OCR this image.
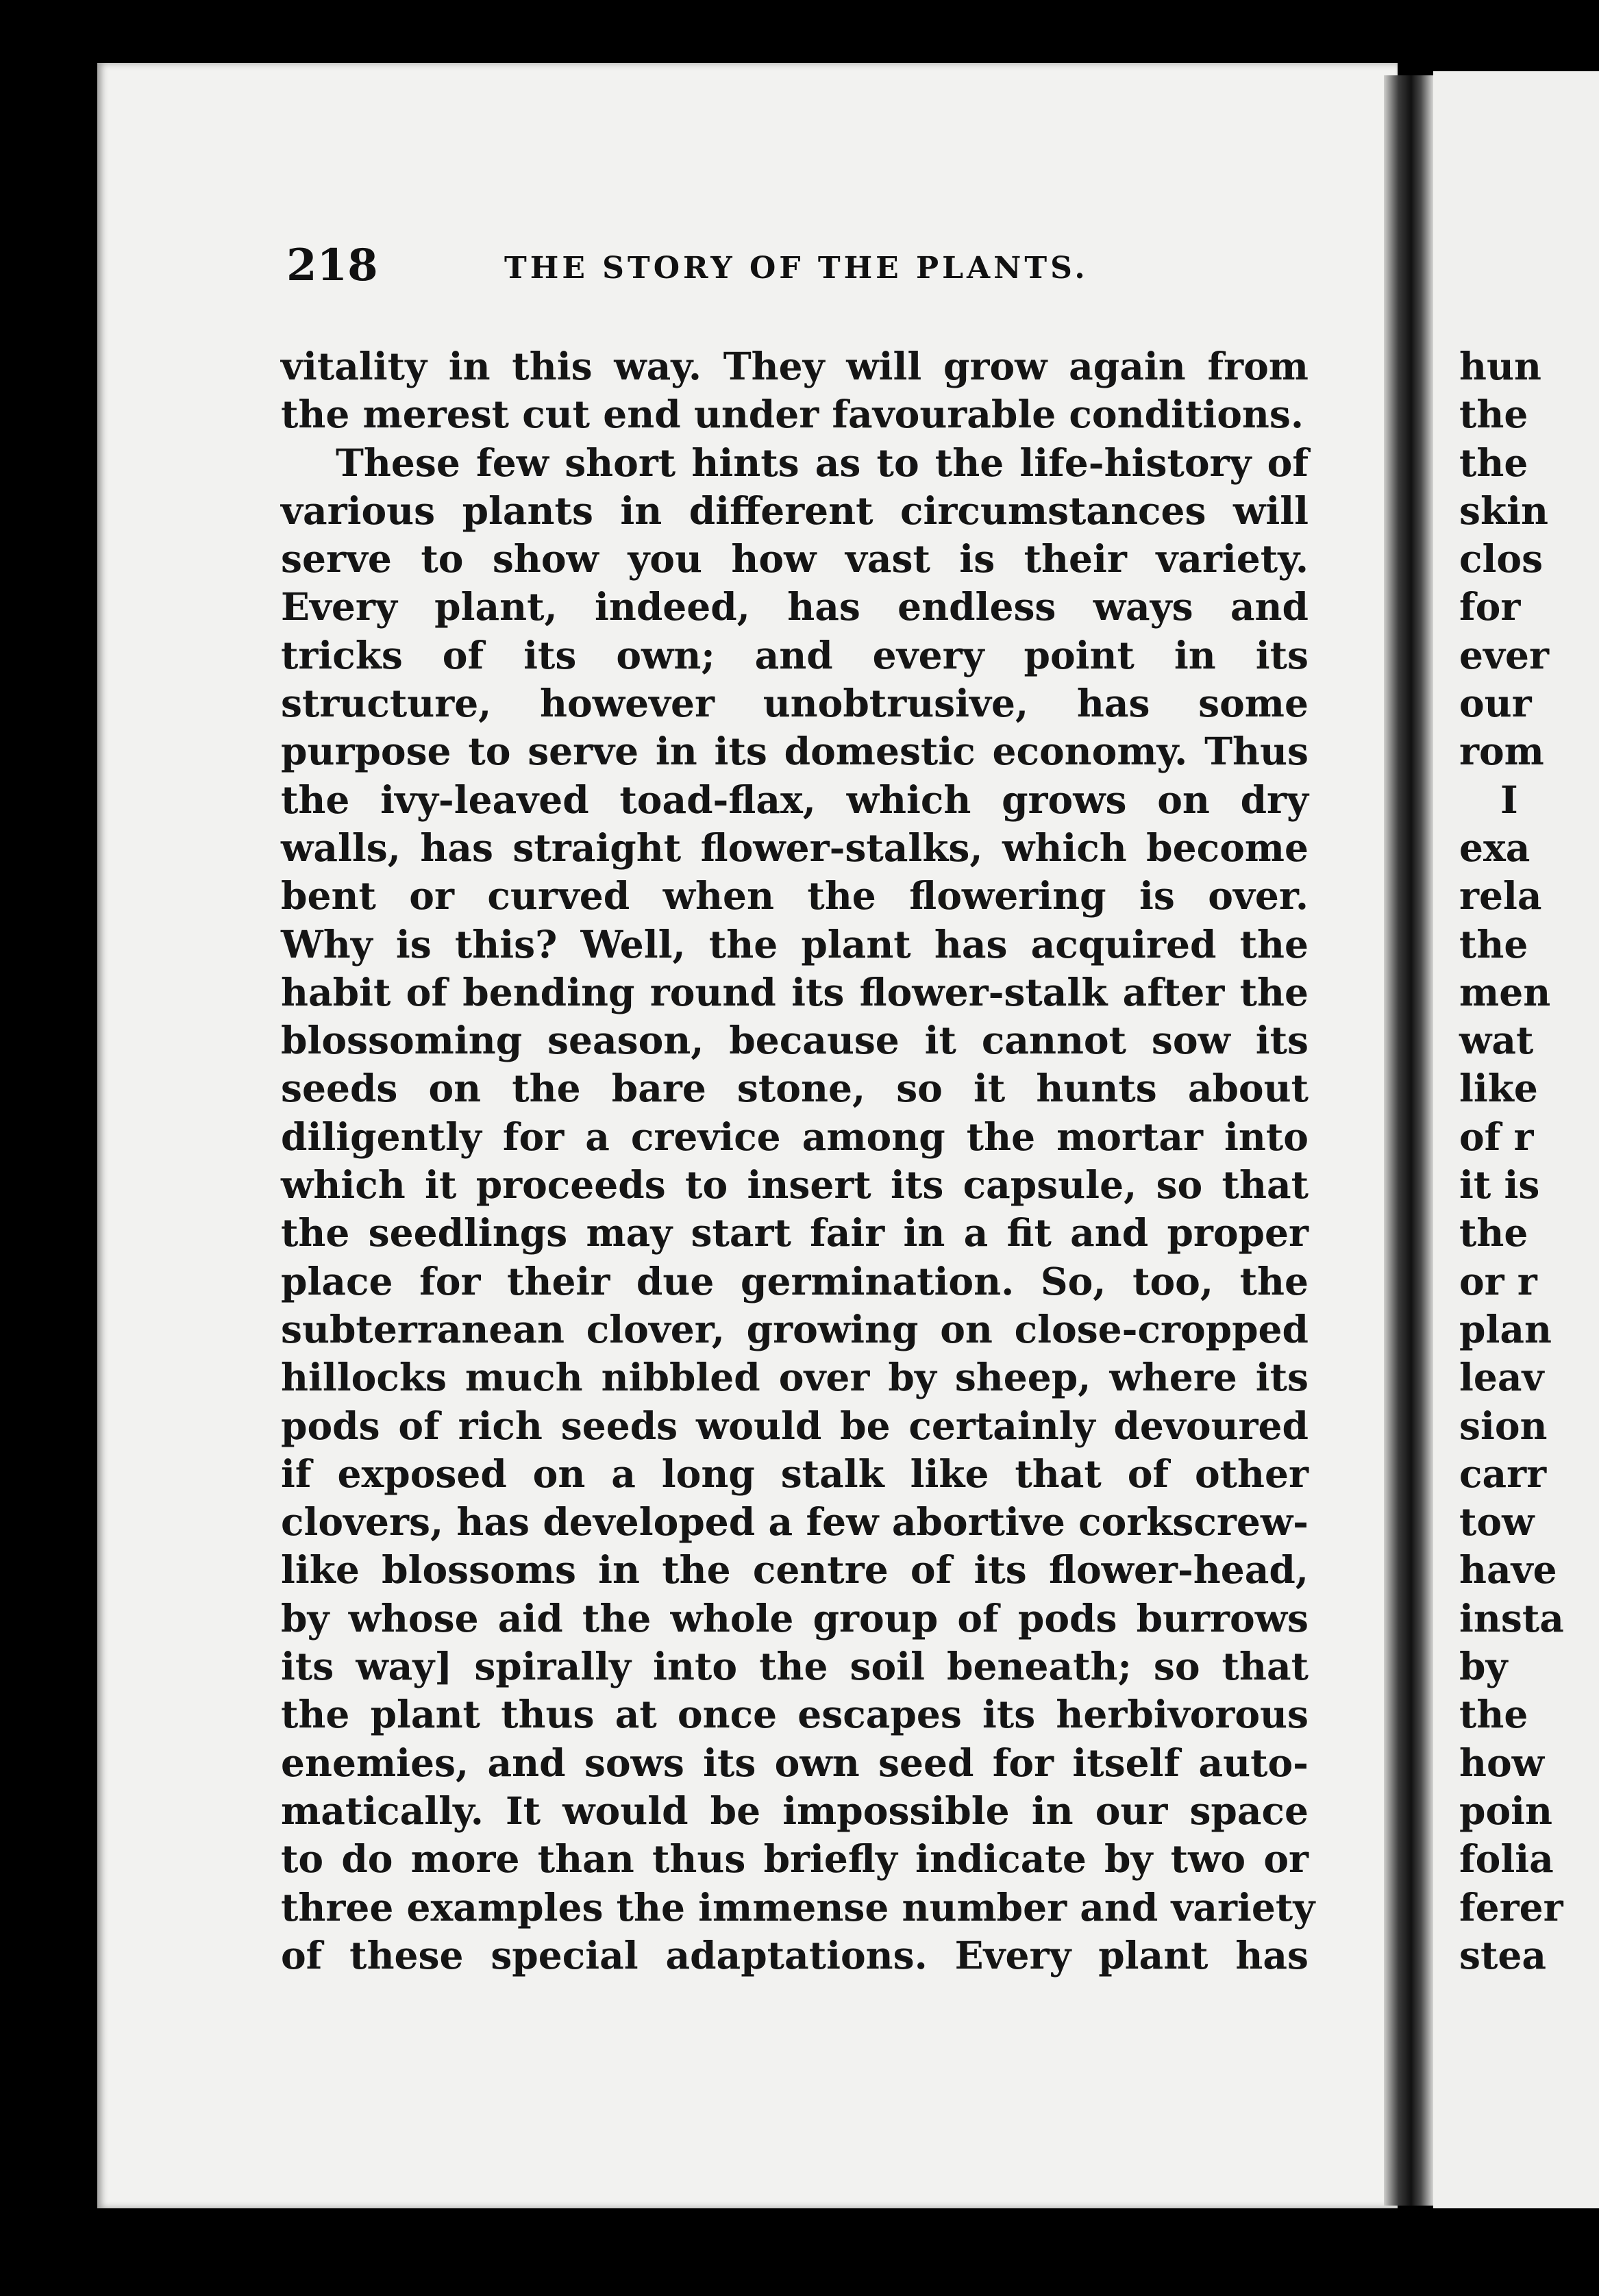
218	THE STORY OF THE PLANTS.
vitality in this way. They will grow again from
the merest cut end under favourable conditions.
These few short hints as to the life-history of
various plants in different circumstances will
serve to show you how vast is their variety.
Every plant, indeed, has endless ways and
tricks of its own; and every point in its
structure, however unobtrusive, has some
purpose to serve in its domestic economy. Thus
the ivy-leaved toad-flax, which grows on dry
walls, has straight flower-stalks, which become
bent or curved when the flowering is over.
Why is this? Well, the plant has acquired the
habit of bending round its flower-stalk after the
blossoming season, because it cannot sow its
seeds on the bare stone, so it hunts about
diligently for a crevice among the mortar into
which it proceeds to insert its capsule, so that
the seedlings may start fair in a fit and proper
place for their due germination. So, too, the
subterranean clover, growing on close-cropped
hillocks much nibbled over by sheep, where its
pods of rich seeds would be certainly devoured
if exposed on a long stalk like that of other
clovers, has developed a few abortive corkscrew-
like blossoms in the centre of its flower-head,
by whose aid the whole group of pods burrows
its way] spirally into the soil beneath; so that
the plant thus at once escapes its herbivorous
enemies, and sows its own seed for itself auto-
matically. It would be impossible in our space
to do more than thus briefly indicate by two or
three examples the immense number and variety
of these special adaptations. Every plant has
hun
the
the
skin
clos
for
ever
our
rom
I
exa
rela
the
men
wat
like
of r
it is
the
or r
plan
leav
sion
carr
tow
have
insta
by
the
how
poin
folia
ferer
stea
